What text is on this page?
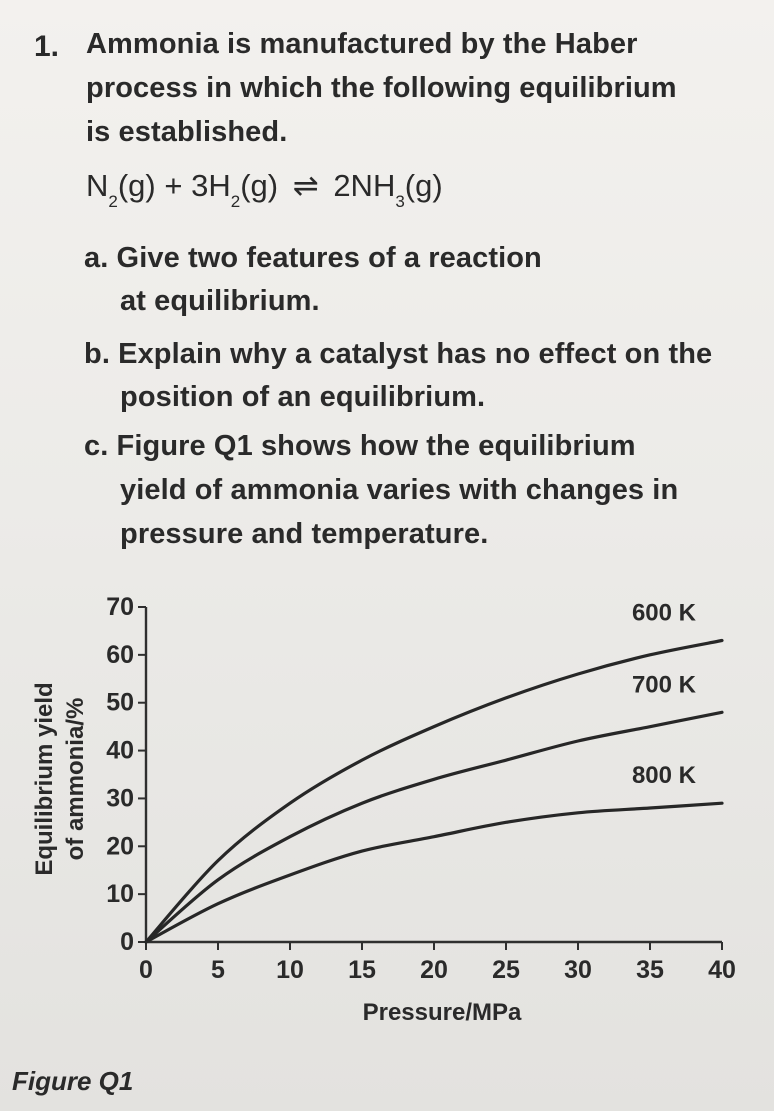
1. Ammonia is manufactured by the Haber
process in which the following equilibrium
is established.
$N_2(g) + 3H_2(g)$ ⇌ $2NH_3(g)$
a. Give two features of a reaction
at equilibrium.
b. Explain why a catalyst has no effect on the
position of an equilibrium.
c. Figure Q1 shows how the equilibrium
yield of ammonia varies with changes in
pressure and temperature.
0
10
20
30
40
50
60
70
0 5 10 15 20 25 30 35 40
Pressure/MPa
Equilibrium yield of ammonia/%
600 K
700 K
800 K
Figure Q1
